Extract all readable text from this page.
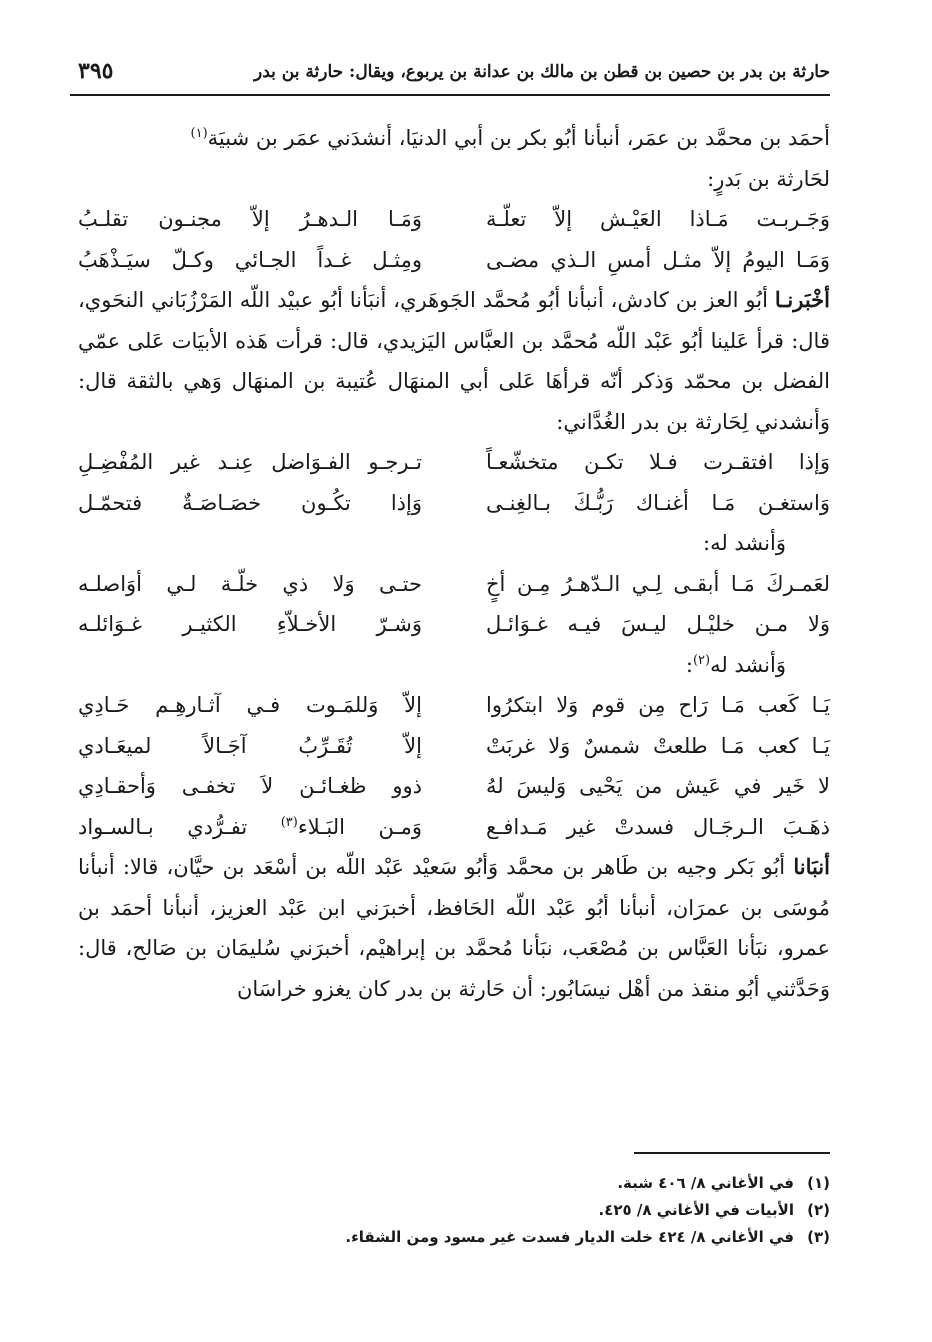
حارثة بن بدر بن حصين بن قطن بن مالك بن عدانة بن يربوع، ويقال: حارثة بن بدر
٣٩٥

أحمَد بن محمَّد بن عمَر، أنبأنا أبُو بكر بن أبي الدنيَا، أنشدَني عمَر بن شبيَة$^{(١)}$

لحَارثة بن بَدرٍ:

وَجَـربـت مَـاذا العَيْـش إلاّ تعلّـة
وَمَـا الـدهـرُ إلاّ مجنـون تقلـبُ
وَمَـا اليومُ إلاّ مثـل أمسِ الـذي مضـى
ومِثـل غـداً الجـائي وكـلّ سيَـذْهَبُ

أخْبَرنـا أبُو العز بن كادش، أنبأنا أبُو مُحمَّد الجَوهَري، أنبَأنا أبُو عبيْد اللّه المَرْزُبَاني النحَوي، قال: قرأ عَلينا أبُو عَبْد اللّه مُحمَّد بن العبَّاس اليَزيدي، قال: قرأت هَذه الأبيَات عَلى عمّي الفضل بن محمّد وَذكر أنّه قرأهَا عَلى أبي المنهَال عُتيبة بن المنهَال وَهي بالثقة قال: وَأنشدني لِحَارثة بن بدر الغُدَّاني:

وَإذا افتقـرت فـلا تكـن متخشّعـاً
تـرجـو الفـوَاضل عِنـد غير المُفْضِـلِ
وَاستغـن مَـا أغنـاك رَبُّـكَ بـالغِنـى
وَإذا تكُـون خصَـاصَـةٌ فتحمّـل

وَأنشد له:

لعَمـركَ مَـا أبقـى لِـي الـدّهـرُ مِـن أخٍ
حتـى وَلا ذي خلّـة لـي أوَاصلـه
وَلا مـن خليْـل ليـسَ فيـه غـوَائـل
وَشـرّ الأخـلاّءِ الكثيـر غـوَائلـه

وَأنشد له$^{(٢)}$:

يَـا كَعب مَـا رَاح مِن قوم وَلا ابتكرُوا
إلاّ وَللمَـوت فـي آثـارهِـم حَـادِي
يَـا كعب مَـا طلعتْ شمسٌ وَلا غربَتْ
إلاّ تُقَـرِّبُ آجَـالاً لميعَـادي
لا خَير في عَيش من يَحْيى وَليسَ لهُ
ذوو ظغـائـن لاَ تخفـى وَأحقـادِي
ذهَـبَ الـرجَـال فسدتْ غير مَـدافـع
وَمـن البَـلاء$^{(٣)}$ تفـرُّدي بـالسـواد

أنبَانا أبُو بَكر وجيه بن طَاهر بن محمَّد وَأبُو سَعيْد عَبْد اللّه بن أسْعَد بن حيَّان، قالا: أنبأنا مُوسَى بن عمرَان، أنبأنا أبُو عَبْد اللّه الحَافظ، أخبرَني ابن عَبْد العزيز، أنبأنا أحمَد بن عمرو، نبَأنا العَبَّاس بن مُصْعَب، نبَأنا مُحمَّد بن إبراهيْم، أخبرَني سُليمَان بن صَالح، قال: وَحَدَّثني أبُو منقذ من أهْل نيسَابُور: أن حَارثة بن بدر كان يغزو خراسَان

(١)
في الأغاني ٨/ ٤٠٦ شبة.
(٢)
الأبيات في الأغاني ٨/ ٤٢٥.
(٣)
في الأغاني ٨/ ٤٢٤ خلت الديار فسدت غير مسود ومن الشقاء.
